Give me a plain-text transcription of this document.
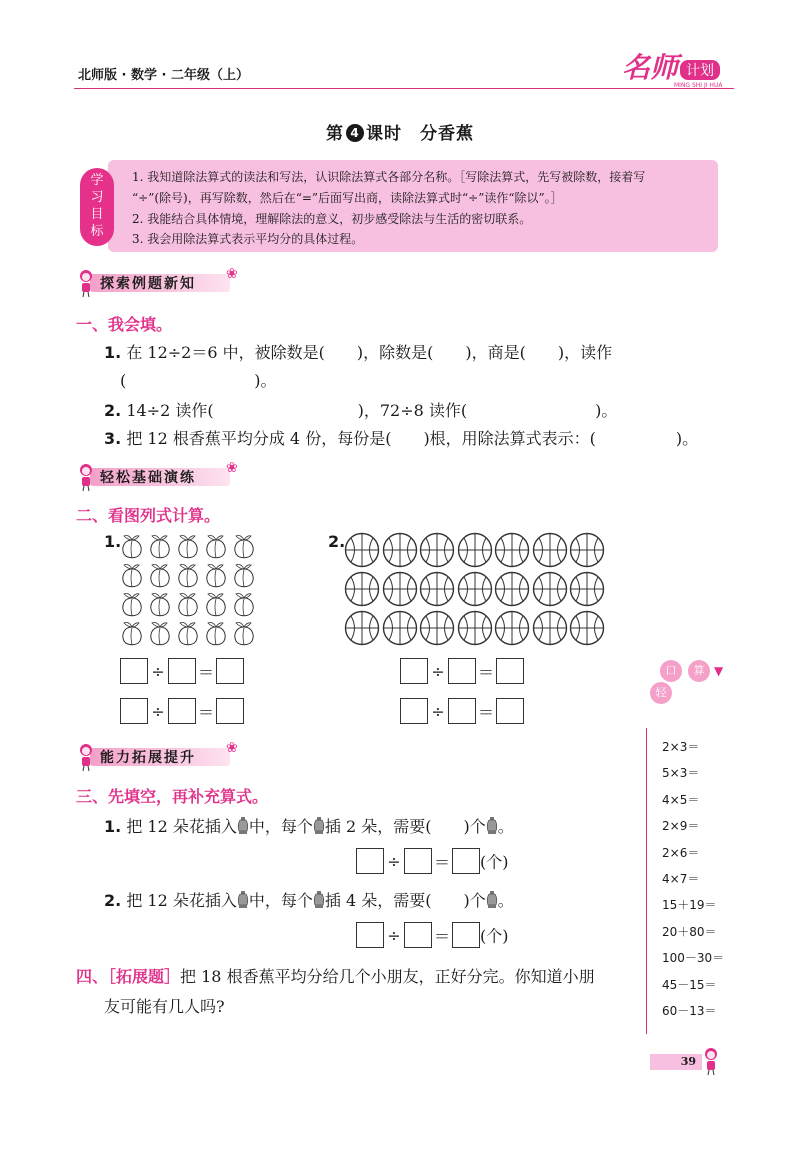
北师版 · 数学 · 二年级（上）	名师 计划
MING SHI JI HUA
第 4 课时　分香蕉
1. 我知道除法算式的读法和写法，认识除法算式各部分名称。［写除法算式，先写被除数，接着写
“÷”(除号)，再写除数，然后在“=”后面写出商，读除法算式时“÷”读作“除以”。］
2. 我能结合具体情境，理解除法的意义，初步感受除法与生活的密切联系。
3. 我会用除法算式表示平均分的具体过程。
学
习
目
标
探索例题新知
❀
一、我会填。
1. 在 12÷2＝6 中，被除数是(　　)，除数是(　　)，商是(　　)，读作
(　　　　　　　　)。
2. 14÷2 读作(　　　　　　　　　)，72÷8 读作(　　　　　　　　)。
3. 把 12 根香蕉平均分成 4 份，每份是(　　)根，用除法算式表示：(　　　　　)。
轻松基础演练
❀
二、看图列式计算。
1.	2.
÷ ＝
÷ ＝
÷ ＝
÷ ＝
能力拓展提升
❀
三、先填空，再补充算式。
1. 把 12 朵花插入 中，每个 插 2 朵，需要(　　)个 。
÷ ＝ (个)
2. 把 12 朵花插入 中，每个 插 4 朵，需要(　　)个 。
÷ ＝ (个)
四、［拓展题］把 18 根香蕉平均分给几个小朋友，正好分完。你知道小朋
友可能有几人吗?
轻
口	算 ▼
2×3＝
5×3＝
4×5＝
2×9＝
2×6＝
4×7＝
15＋19＝
20＋80＝
100－30＝
45－15＝
60－13＝
39
